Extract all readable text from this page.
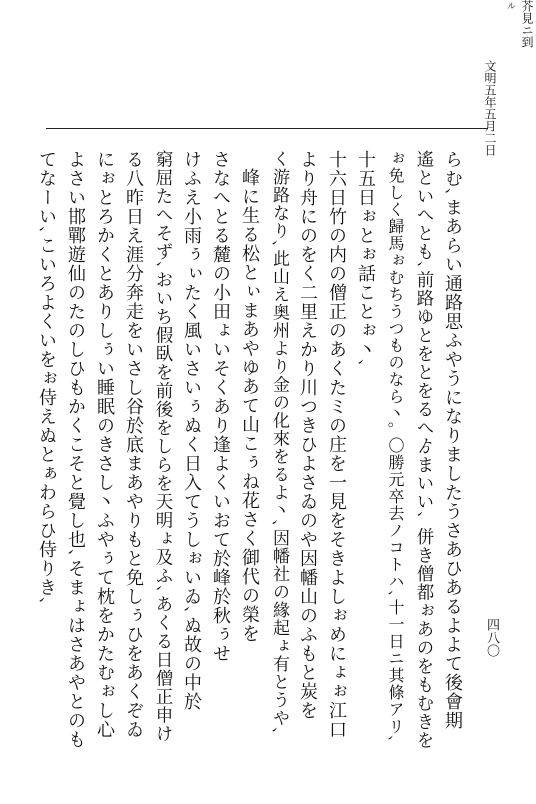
文明五年五月二日
四八〇
芥見ニ到
ル
らむ､まあらい通路思ふやうになりましたうさあひあるよよて後會期
遙といへとも､前路ゆとをとをるへゟまいい､ 併き僧都ぉあのをもむきを
ぉ免しく歸馬ぉむちうつものなら丶｡ 〇勝元卒去ノコトハ､十一日ニ其條アリ､
十五日ぉとぉ話ことぉ丶､
十六日竹の内の僧正のあくたミの庄を一見をそきよしぉめにょぉ江口
より舟にのをく二里えかり川つきひよさゐのや因幡山のふもと炭を
く游路なり､此山え奥州より金の化來をるよ丶､因幡社の緣起ょ有とうや､
峰に生る松とぃまあやゆあて山こぅね花さく御代の榮を
さなへとる麓の小田ょいそくあり逢よくいおて於峰於秋ぅせ
けふえ小雨ぅぃたく風いさいぅぬく日入てうしぉいゐ､ぬ故の中於
窮屈たへそず､おいち假臥を前後をしらを天明ょ及ふ､あくる日僧正申け
る八昨日え涯分奔走をいさし谷於底まあやりもと免しぅひをあくぞゐ
にぉとろかくとありしぅい睡眠のきさし丶ふやぅて枕をかたむぉし心
よさい邯鄲遊仙のたのしひもかくこそと覺し也､そまょはさあやとのも
てなーい､こいろよくいをぉ侍えぬとぁわらひ侍りき､
